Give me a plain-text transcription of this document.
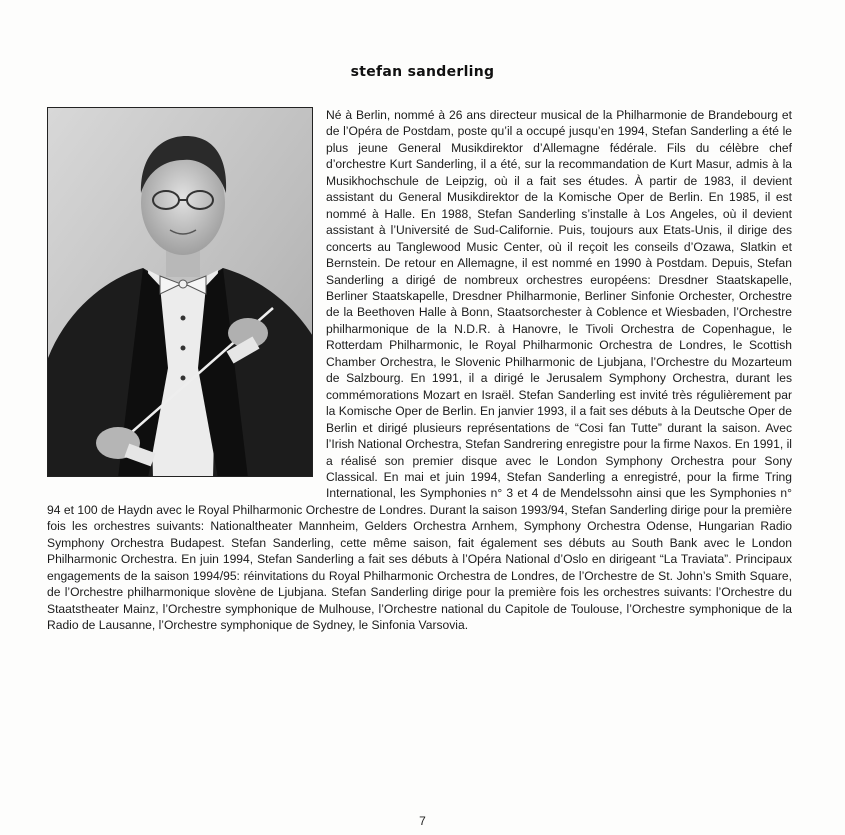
stefan sanderling
Né à Berlin, nommé à 26 ans directeur musical de la Philharmonie de Brandebourg et de l’Opéra de Postdam, poste qu’il a occupé jusqu’en 1994, Stefan Sanderling a été le plus jeune General Musikdirektor d’Allemagne fédérale. Fils du célèbre chef d’orchestre Kurt Sanderling, il a été, sur la recommandation de Kurt Masur, admis à la Musikhochschule de Leipzig, où il a fait ses études. À partir de 1983, il devient assistant du General Musikdirektor de la Komische Oper de Berlin. En 1985, il est nommé à Halle. En 1988, Stefan Sanderling s’installe à Los Angeles, où il devient assistant à l’Université de Sud-Californie. Puis, toujours aux Etats-Unis, il dirige des concerts au Tanglewood Music Center, où il reçoit les conseils d’Ozawa, Slatkin et Bernstein. De retour en Allemagne, il est nommé en 1990 à Postdam. Depuis, Stefan Sanderling a dirigé de nombreux orchestres européens: Dresdner Staatskapelle, Berliner Staatskapelle, Dresdner Philharmonie, Berliner Sinfonie Orchester, Orchestre de la Beethoven Halle à Bonn, Staatsorchester à Coblence et Wiesbaden, l’Orchestre philharmonique de la N.D.R. à Hanovre, le Tivoli Orchestra de Copenhague, le Rotterdam Philharmonic, le Royal Philharmonic Orchestra de Londres, le Scottish Chamber Orchestra, le Slovenic Philharmonic de Ljubjana, l’Orchestre du Mozarteum de Salzbourg. En 1991, il a dirigé le Jerusalem Symphony Orchestra, durant les commémorations Mozart en Israël. Stefan Sanderling est invité très régulièrement par la Komische Oper de Berlin. En janvier 1993, il a fait ses débuts à la Deutsche Oper de Berlin et dirigé plusieurs représentations de “Cosi fan Tutte” durant la saison. Avec l’Irish National Orchestra, Stefan Sandrering enregistre pour la firme Naxos. En 1991, il a réalisé son premier disque avec le London Symphony Orchestra pour Sony Classical. En mai et juin 1994, Stefan Sanderling a enregistré, pour la firme Tring International, les Symphonies n° 3 et 4 de Mendelssohn ainsi que les Symphonies n° 94 et 100 de Haydn avec le Royal Philharmonic Orchestre de Londres. Durant la saison 1993/94, Stefan Sanderling dirige pour la première fois les orchestres suivants: Nationaltheater Mannheim, Gelders Orchestra Arnhem, Symphony Orchestra Odense, Hungarian Radio Symphony Orchestra Budapest. Stefan Sanderling, cette même saison, fait également ses débuts au South Bank avec le London Philharmonic Orchestra. En juin 1994, Stefan Sanderling a fait ses débuts à l’Opéra National d’Oslo en dirigeant “La Traviata”. Principaux engagements de la saison 1994/95: réinvitations du Royal Philharmonic Orchestra de Londres, de l’Orchestre de St. John’s Smith Square, de l’Orchestre philharmonique slovène de Ljubjana. Stefan Sanderling dirige pour la première fois les orchestres suivants: l’Orchestre du Staatstheater Mainz, l’Orchestre symphonique de Mulhouse, l’Orchestre national du Capitole de Toulouse, l’Orchestre symphonique de la Radio de Lausanne, l’Orchestre symphonique de Sydney, le Sinfonia Varsovia.
7
